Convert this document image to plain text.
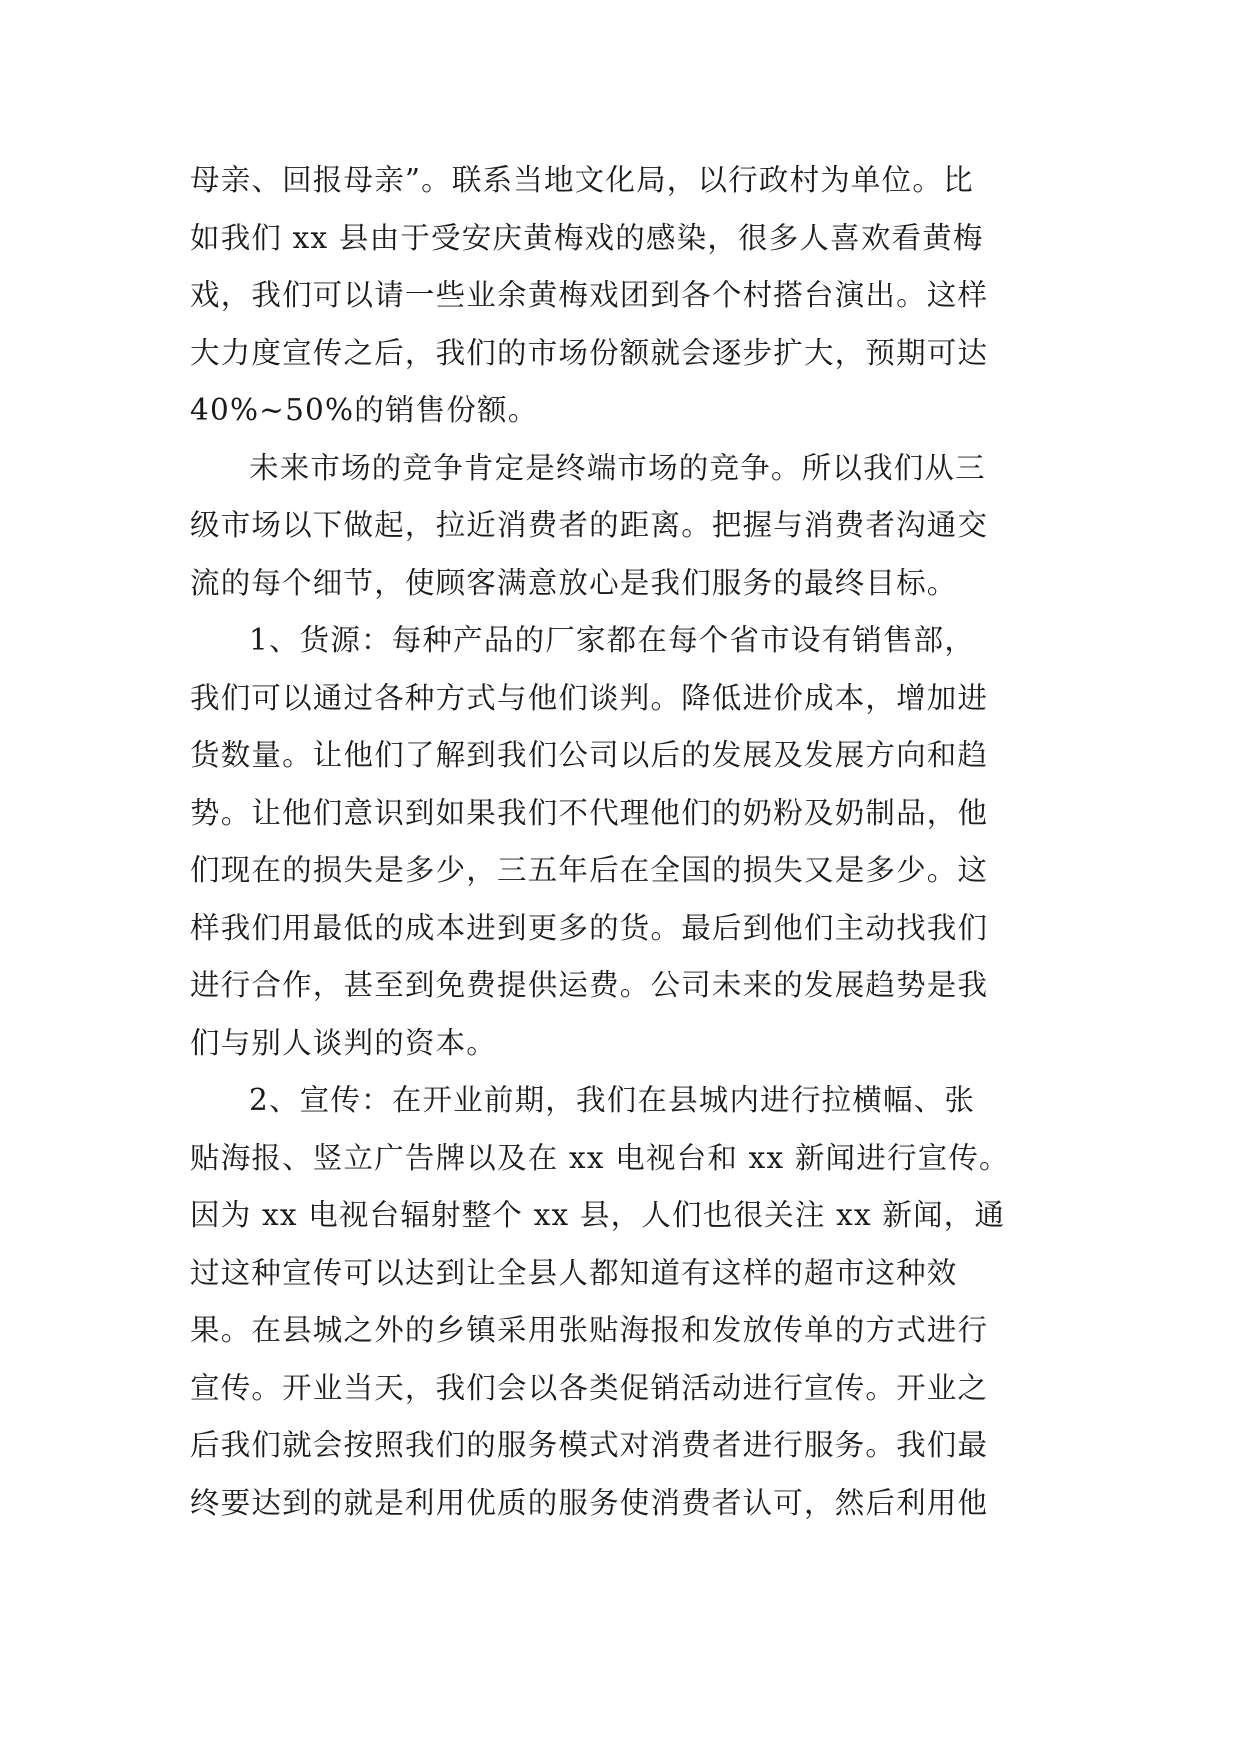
母亲、回报母亲”。联系当地文化局，以行政村为单位。比
如我们 xx 县由于受安庆黄梅戏的感染，很多人喜欢看黄梅
戏，我们可以请一些业余黄梅戏团到各个村搭台演出。这样
大力度宣传之后，我们的市场份额就会逐步扩大，预期可达
40%~50%的销售份额。

未来市场的竞争肯定是终端市场的竞争。所以我们从三
级市场以下做起，拉近消费者的距离。把握与消费者沟通交
流的每个细节，使顾客满意放心是我们服务的最终目标。

1、货源：每种产品的厂家都在每个省市设有销售部，
我们可以通过各种方式与他们谈判。降低进价成本，增加进
货数量。让他们了解到我们公司以后的发展及发展方向和趋
势。让他们意识到如果我们不代理他们的奶粉及奶制品，他
们现在的损失是多少，三五年后在全国的损失又是多少。这
样我们用最低的成本进到更多的货。最后到他们主动找我们
进行合作，甚至到免费提供运费。公司未来的发展趋势是我
们与别人谈判的资本。

2、宣传：在开业前期，我们在县城内进行拉横幅、张
贴海报、竖立广告牌以及在 xx 电视台和 xx 新闻进行宣传。
因为 xx 电视台辐射整个 xx 县，人们也很关注 xx 新闻，通
过这种宣传可以达到让全县人都知道有这样的超市这种效
果。在县城之外的乡镇采用张贴海报和发放传单的方式进行
宣传。开业当天，我们会以各类促销活动进行宣传。开业之
后我们就会按照我们的服务模式对消费者进行服务。我们最
终要达到的就是利用优质的服务使消费者认可，然后利用他
